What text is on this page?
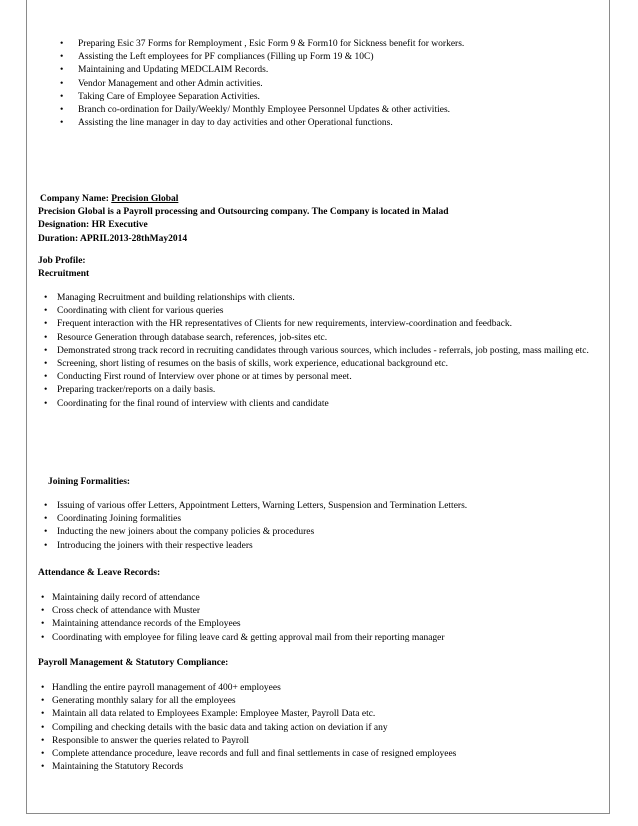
• Preparing Esic 37 Forms for Remployment , Esic Form 9 & Form10 for Sickness benefit for workers.
• Assisting the Left employees for PF compliances (Filling up Form 19 & 10C)
• Maintaining and Updating MEDCLAIM Records.
• Vendor Management and other Admin activities.
• Taking Care of Employee Separation Activities.
• Branch co-ordination for Daily/Weekly/ Monthly Employee Personnel Updates & other activities.
• Assisting the line manager in day to day activities and other Operational functions.
Company Name: Precision Global
Precision Global is a Payroll processing and Outsourcing company. The Company is located in Malad
Designation: HR Executive
Duration: APRIL2013-28thMay2014
Job Profile:
Recruitment
• Managing Recruitment and building relationships with clients.
• Coordinating with client for various queries
• Frequent interaction with the HR representatives of Clients for new requirements, interview-coordination and feedback.
• Resource Generation through database search, references, job-sites etc.
• Demonstrated strong track record in recruiting candidates through various sources, which includes - referrals, job posting, mass mailing etc.
• Screening, short listing of resumes on the basis of skills, work experience, educational background etc.
• Conducting First round of Interview over phone or at times by personal meet.
• Preparing tracker/reports on a daily basis.
• Coordinating for the final round of interview with clients and candidate
Joining Formalities:
• Issuing of various offer Letters, Appointment Letters, Warning Letters, Suspension and Termination Letters.
• Coordinating Joining formalities
• Inducting the new joiners about the company policies & procedures
• Introducing the joiners with their respective leaders
Attendance & Leave Records:
• Maintaining daily record of attendance
• Cross check of attendance with Muster
• Maintaining attendance records of the Employees
• Coordinating with employee for filing leave card & getting approval mail from their reporting manager
Payroll Management & Statutory Compliance:
• Handling the entire payroll management of 400+ employees
• Generating monthly salary for all the employees
• Maintain all data related to Employees Example: Employee Master, Payroll Data etc.
• Compiling and checking details with the basic data and taking action on deviation if any
• Responsible to answer the queries related to Payroll
• Complete attendance procedure, leave records and full and final settlements in case of resigned employees
• Maintaining the Statutory Records
